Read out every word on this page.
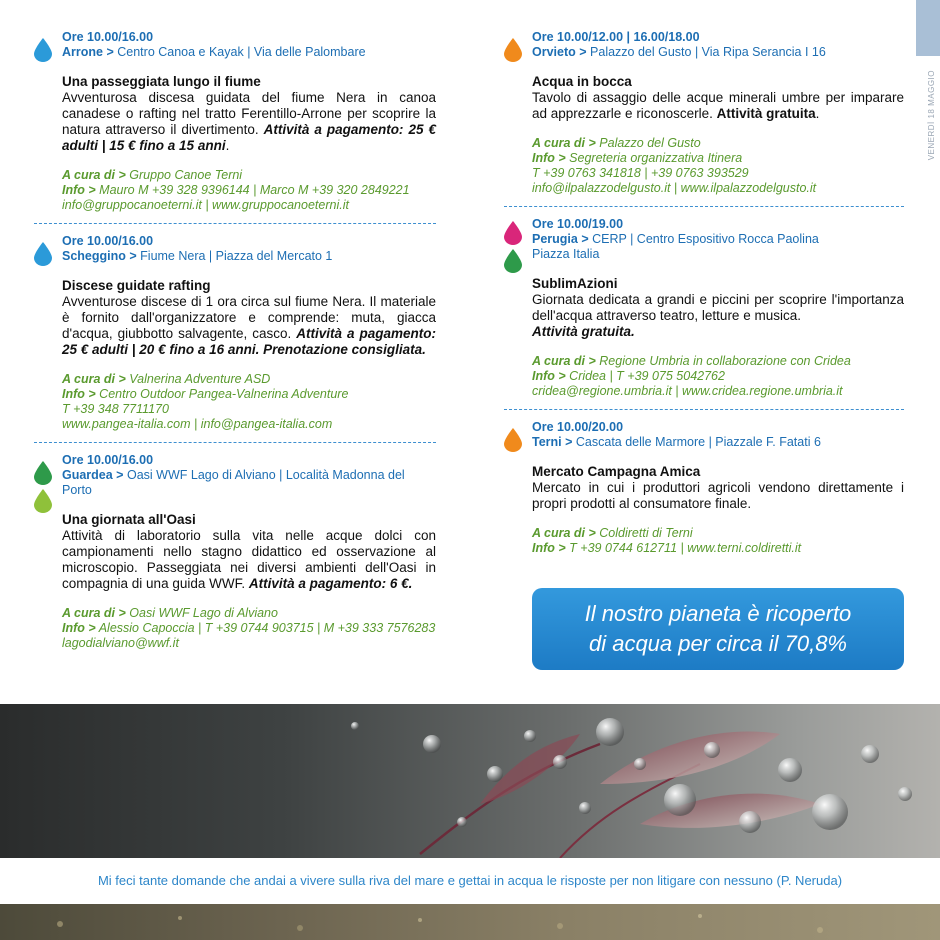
VENERDÌ 18 MAGGIO
Ore 10.00/16.00
Arrone > Centro Canoa e Kayak | Via delle Palombare
Una passeggiata lungo il fiume
Avventurosa discesa guidata del fiume Nera in canoa canadese o rafting nel tratto Ferentillo-Arrone per scoprire la natura attraverso il divertimento. Attività a pagamento: 25 € adulti | 15 € fino a 15 anni.
A cura di > Gruppo Canoe Terni
Info > Mauro M +39 328 9396144 | Marco M +39 320 2849221
info@gruppocanoeterni.it | www.gruppocanoeterni.it
Ore 10.00/16.00
Scheggino > Fiume Nera | Piazza del Mercato 1
Discese guidate rafting
Avventurose discese di 1 ora circa sul fiume Nera. Il materiale è fornito dall'organizzatore e comprende: muta, giacca d'acqua, giubbotto salvagente, casco. Attività a pagamento: 25 € adulti | 20 € fino a 16 anni. Prenotazione consigliata.
A cura di > Valnerina Adventure ASD
Info > Centro Outdoor Pangea-Valnerina Adventure
T +39 348 7711170
www.pangea-italia.com | info@pangea-italia.com
Ore 10.00/16.00
Guardea > Oasi WWF Lago di Alviano | Località Madonna del Porto
Una giornata all'Oasi
Attività di laboratorio sulla vita nelle acque dolci con campionamenti nello stagno didattico ed osservazione al microscopio. Passeggiata nei diversi ambienti dell'Oasi in compagnia di una guida WWF. Attività a pagamento: 6 €.
A cura di > Oasi WWF Lago di Alviano
Info > Alessio Capoccia | T +39 0744 903715 | M +39 333 7576283
lagodialviano@wwf.it
Ore 10.00/12.00 | 16.00/18.00
Orvieto > Palazzo del Gusto | Via Ripa Serancia I 16
Acqua in bocca
Tavolo di assaggio delle acque minerali umbre per imparare ad apprezzarle e riconoscerle. Attività gratuita.
A cura di > Palazzo del Gusto
Info > Segreteria organizzativa Itinera
T +39 0763 341818 | +39 0763 393529
info@ilpalazzodelgusto.it | www.ilpalazzodelgusto.it
Ore 10.00/19.00
Perugia > CERP | Centro Espositivo Rocca Paolina
Piazza Italia
SublimAzioni
Giornata dedicata a grandi e piccini per scoprire l'importanza dell'acqua attraverso teatro, letture e musica.
Attività gratuita.
A cura di > Regione Umbria in collaborazione con Cridea
Info > Cridea | T +39 075 5042762
cridea@regione.umbria.it | www.cridea.regione.umbria.it
Ore 10.00/20.00
Terni > Cascata delle Marmore | Piazzale F. Fatati 6
Mercato Campagna Amica
Mercato in cui i produttori agricoli vendono direttamente i propri prodotti al consumatore finale.
A cura di > Coldiretti di Terni
Info > T +39 0744 612711 | www.terni.coldiretti.it
Il nostro pianeta è ricoperto
di acqua per circa il 70,8%
Mi feci tante domande che andai a vivere sulla riva del mare e gettai in acqua le risposte per non litigare con nessuno (P. Neruda)
